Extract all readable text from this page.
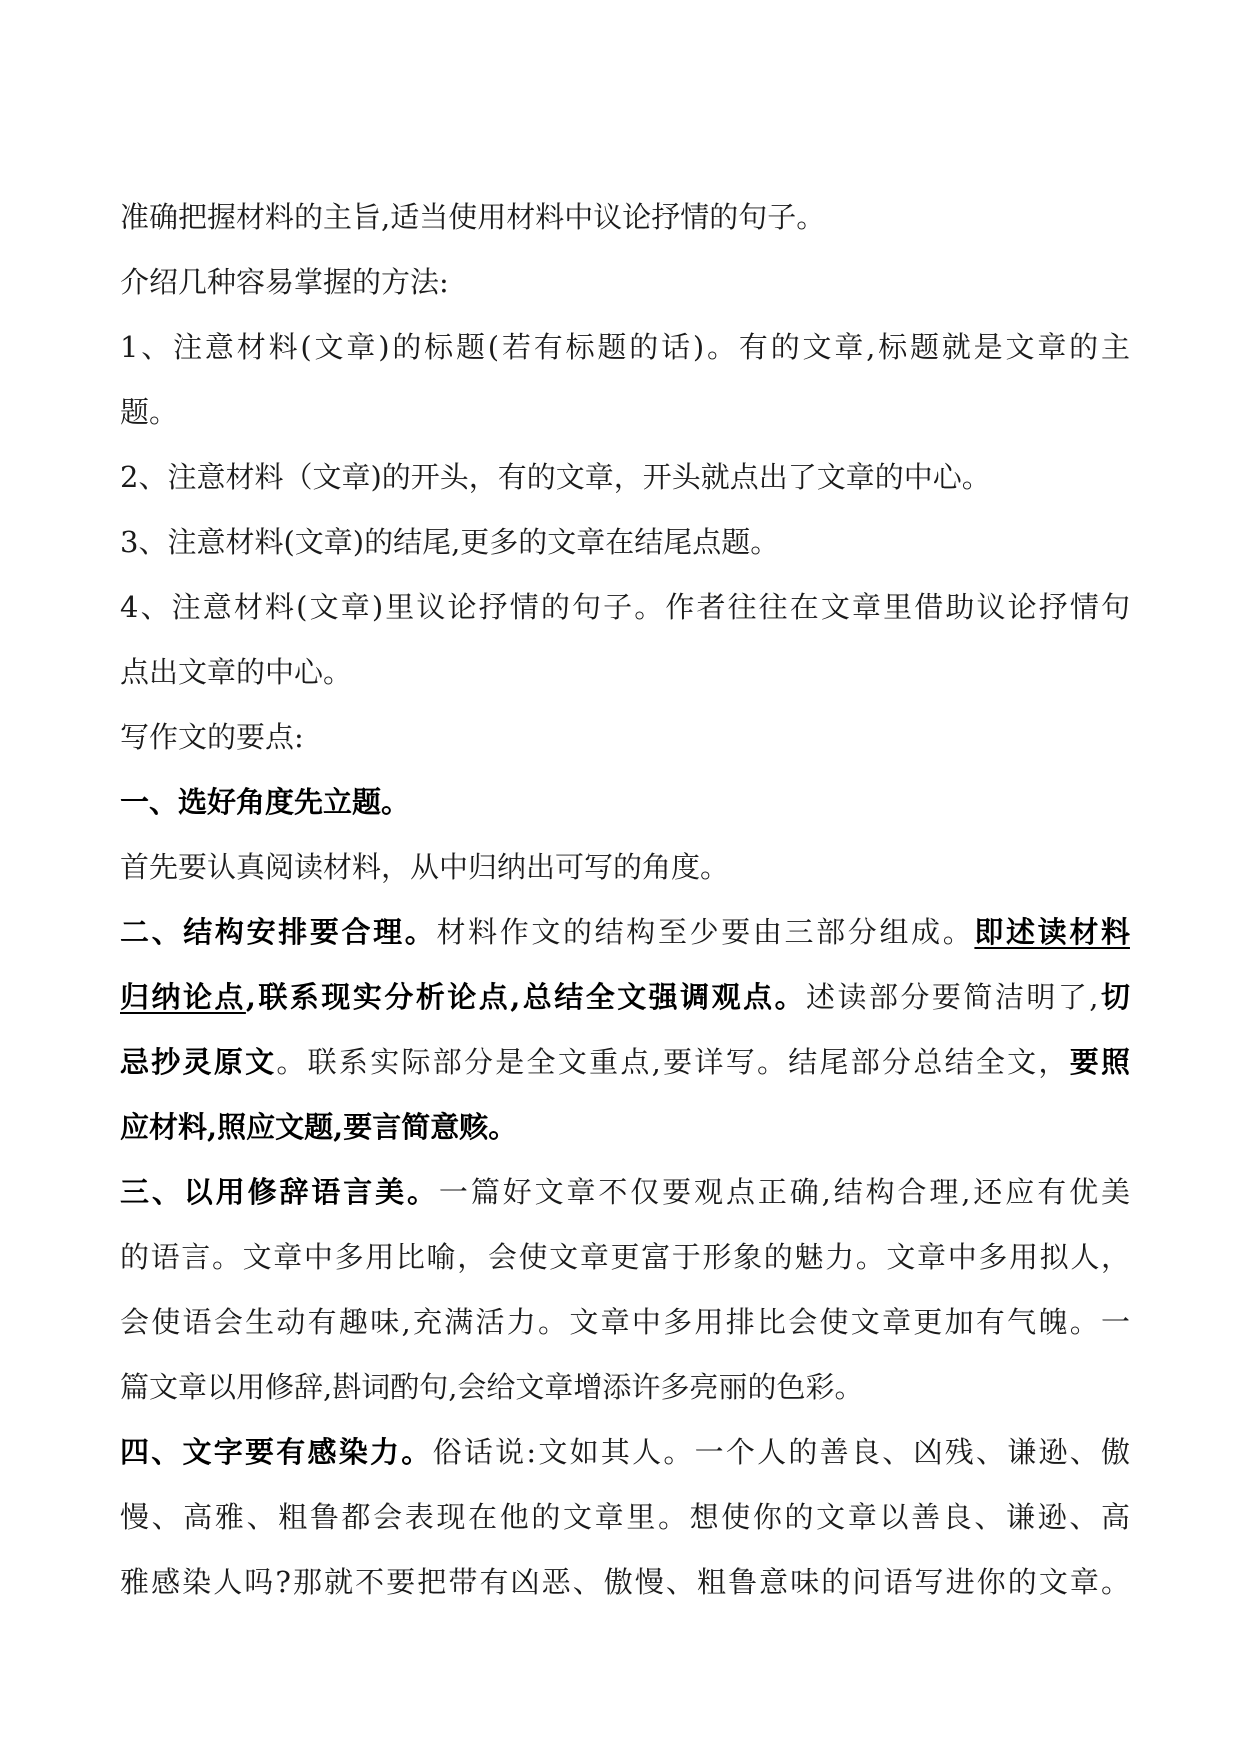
准确把握材料的主旨,适当使用材料中议论抒情的句子。
介绍几种容易掌握的方法:
1、注意材料(文章)的标题(若有标题的话)。有的文章,标题就是文章的主
题。
2、注意材料（文章)的开头，有的文章，开头就点出了文章的中心。
3、注意材料(文章)的结尾,更多的文章在结尾点题。
4、注意材料(文章)里议论抒情的句子。作者往往在文章里借助议论抒情句
点出文章的中心。
写作文的要点:
一、选好角度先立题。
首先要认真阅读材料，从中归纳出可写的角度。
二、结构安排要合理。材料作文的结构至少要由三部分组成。即述读材料
归纳论点,联系现实分析论点,总结全文强调观点。述读部分要简洁明了,切
忌抄灵原文。联系实际部分是全文重点,要详写。结尾部分总结全文，要照
应材料,照应文题,要言简意赅。
三、以用修辞语言美。一篇好文章不仅要观点正确,结构合理,还应有优美
的语言。文章中多用比喻，会使文章更富于形象的魅力。文章中多用拟人，
会使语会生动有趣味,充满活力。文章中多用排比会使文章更加有气魄。一
篇文章以用修辞,斟词酌句,会给文章增添许多亮丽的色彩。
四、文字要有感染力。俗话说:文如其人。一个人的善良、凶残、谦逊、傲
慢、高雅、粗鲁都会表现在他的文章里。想使你的文章以善良、谦逊、高
雅感染人吗?那就不要把带有凶恶、傲慢、粗鲁意味的问语写进你的文章。
